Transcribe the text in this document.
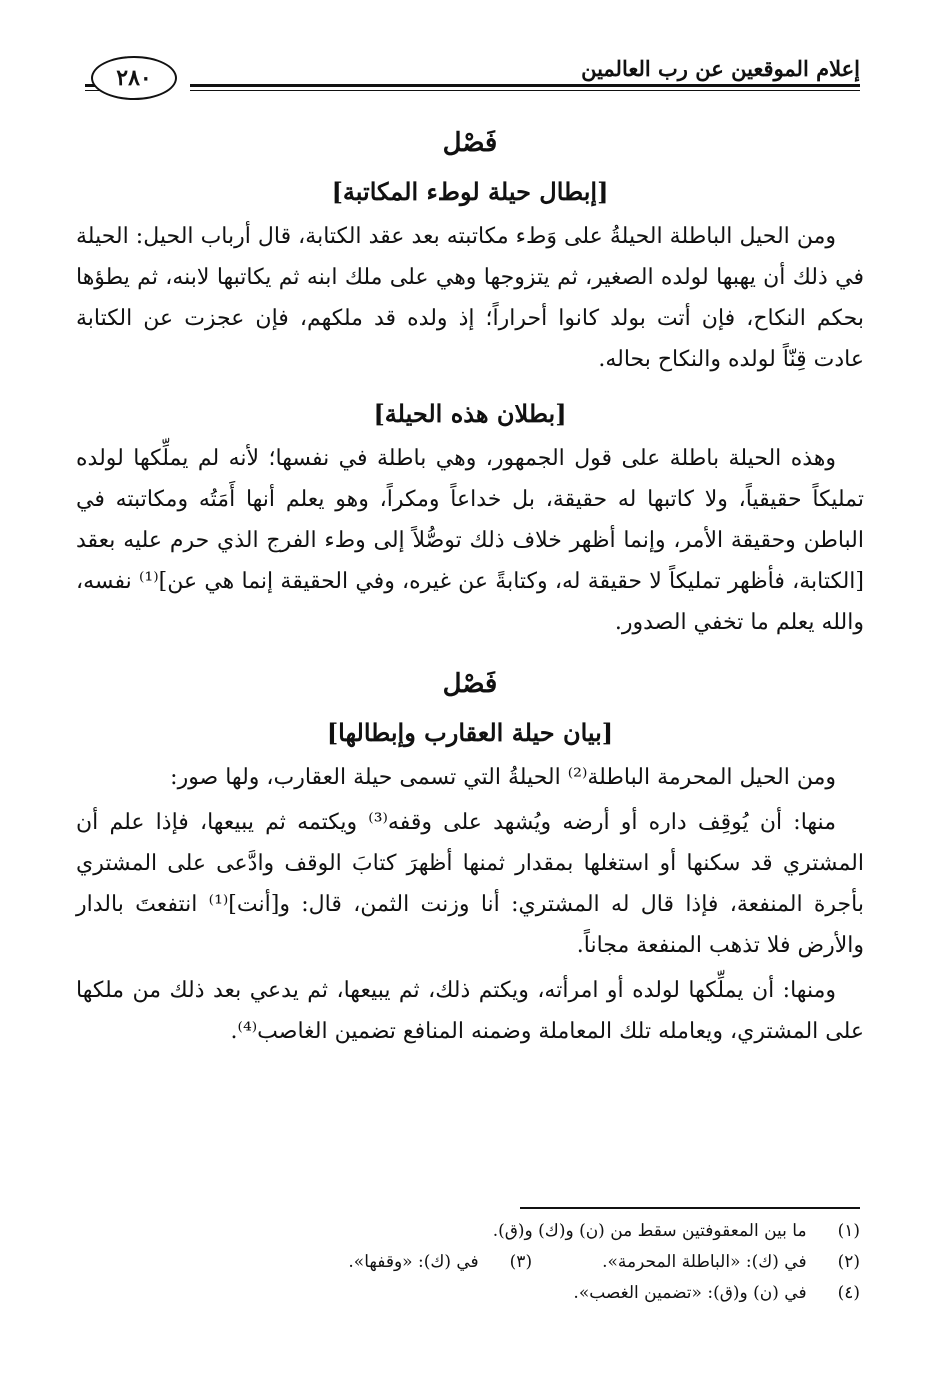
إعلام الموقعين عن رب العالمين
٢٨٠
فَصْل
[إبطال حيلة لوطء المكاتبة]

ومن الحيل الباطلة الحيلةُ على وَطء مكاتبته بعد عقد الكتابة، قال أرباب الحيل: الحيلة في ذلك أن يهبها لولده الصغير، ثم يتزوجها وهي على ملك ابنه ثم يكاتبها لابنه، ثم يطؤها بحكم النكاح، فإن أتت بولد كانوا أحراراً؛ إذ ولده قد ملكهم، فإن عجزت عن الكتابة عادت قِنّاً لولده والنكاح بحاله.

[بطلان هذه الحيلة]

وهذه الحيلة باطلة على قول الجمهور، وهي باطلة في نفسها؛ لأنه لم يملِّكها لولده تمليكاً حقيقياً، ولا كاتبها له حقيقة، بل خداعاً ومكراً، وهو يعلم أنها أَمَتُه ومكاتبته في الباطن وحقيقة الأمر، وإنما أظهر خلاف ذلك توصُّلاً إلى وطء الفرج الذي حرم عليه بعقد [الكتابة، فأظهر تمليكاً لا حقيقة له، وكتابةً عن غيره، وفي الحقيقة إنما هي عن]⁽¹⁾ نفسه، والله يعلم ما تخفي الصدور.

فَصْل
[بيان حيلة العقارب وإبطالها]

ومن الحيل المحرمة الباطلة⁽²⁾ الحيلةُ التي تسمى حيلة العقارب، ولها صور:

منها: أن يُوقِف داره أو أرضه ويُشهد على وقفه⁽³⁾ ويكتمه ثم يبيعها، فإذا علم أن المشتري قد سكنها أو استغلها بمقدار ثمنها أظهرَ كتابَ الوقف وادَّعى على المشتري بأجرة المنفعة، فإذا قال له المشتري: أنا وزنت الثمن، قال: و[أنت]⁽¹⁾ انتفعتَ بالدار والأرض فلا تذهب المنفعة مجاناً.

ومنها: أن يملِّكها لولده أو امرأته، ويكتم ذلك، ثم يبيعها، ثم يدعي بعد ذلك من ملكها على المشتري، ويعامله تلك المعاملة وضمنه المنافع تضمين الغاصب⁽⁴⁾.

(١) ما بين المعقوفتين سقط من (ن) و(ك) و(ق).
(٢) في (ك): «الباطلة المحرمة».
(٣) في (ك): «وقفها».
(٤) في (ن) و(ق): «تضمين الغصب».
